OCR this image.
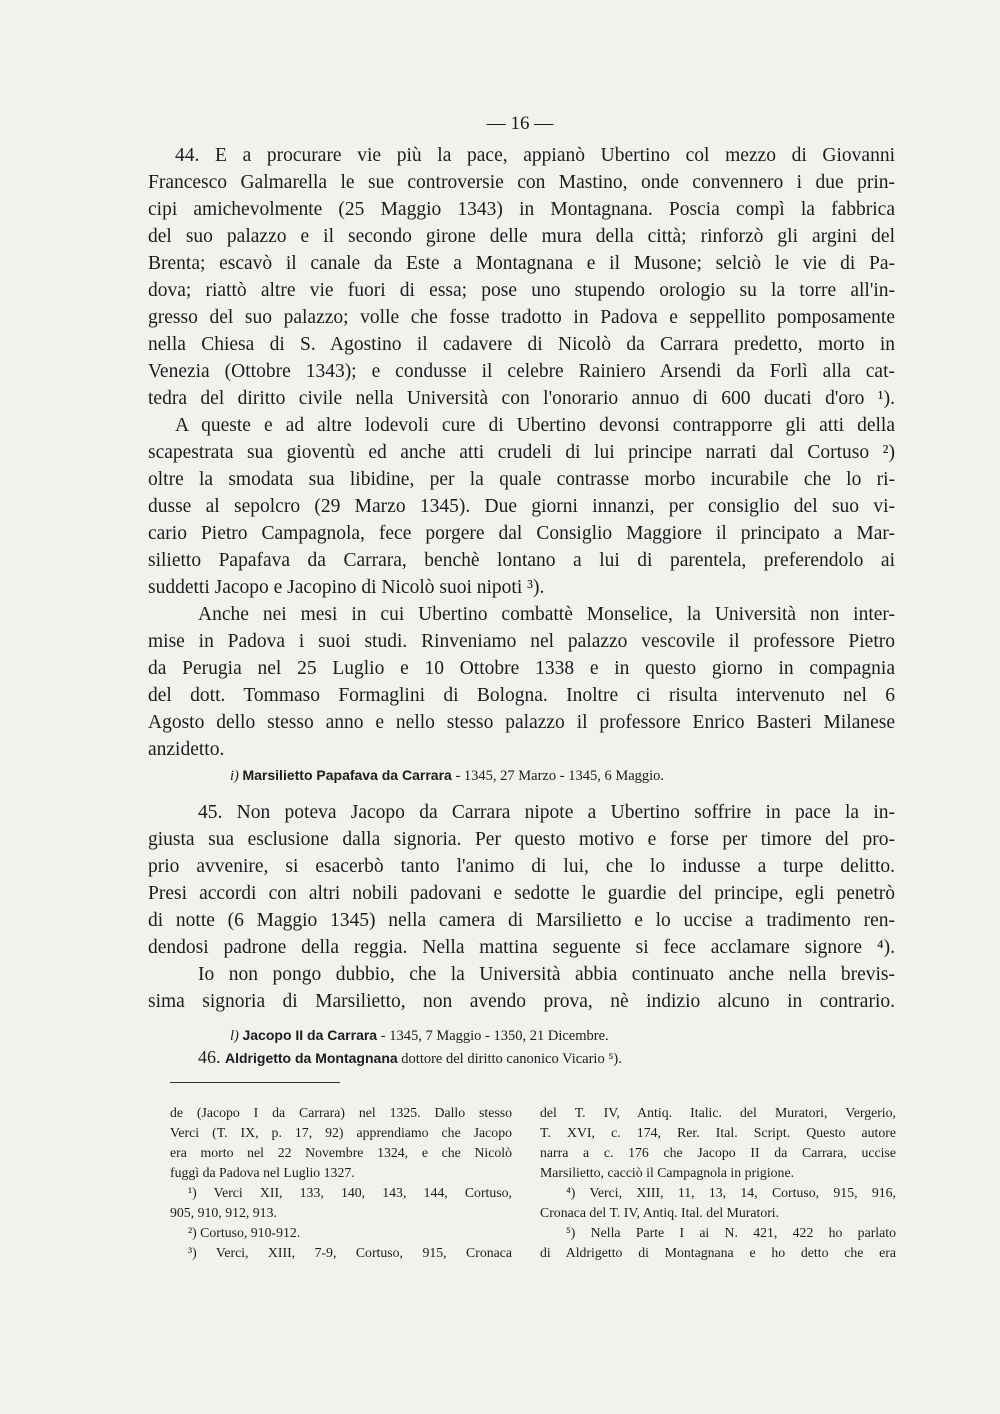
— 16 —
44. E a procurare vie più la pace, appianò Ubertino col mezzo di Giovanni
Francesco Galmarella le sue controversie con Mastino, onde convennero i due prin-
cipi amichevolmente (25 Maggio 1343) in Montagnana. Poscia compì la fabbrica
del suo palazzo e il secondo girone delle mura della città; rinforzò gli argini del
Brenta; escavò il canale da Este a Montagnana e il Musone; selciò le vie di Pa-
dova; riattò altre vie fuori di essa; pose uno stupendo orologio su la torre all'in-
gresso del suo palazzo; volle che fosse tradotto in Padova e seppellito pomposamente
nella Chiesa di S. Agostino il cadavere di Nicolò da Carrara predetto, morto in
Venezia (Ottobre 1343); e condusse il celebre Rainiero Arsendi da Forlì alla cat-
tedra del diritto civile nella Università con l'onorario annuo di 600 ducati d'oro ¹).
A queste e ad altre lodevoli cure di Ubertino devonsi contrapporre gli atti della
scapestrata sua gioventù ed anche atti crudeli di lui principe narrati dal Cortuso ²)
oltre la smodata sua libidine, per la quale contrasse morbo incurabile che lo ri-
dusse al sepolcro (29 Marzo 1345). Due giorni innanzi, per consiglio del suo vi-
cario Pietro Campagnola, fece porgere dal Consiglio Maggiore il principato a Mar-
silietto Papafava da Carrara, benchè lontano a lui di parentela, preferendolo ai
suddetti Jacopo e Jacopino di Nicolò suoi nipoti ³).
Anche nei mesi in cui Ubertino combattè Monselice, la Università non inter-
mise in Padova i suoi studi. Rinveniamo nel palazzo vescovile il professore Pietro
da Perugia nel 25 Luglio e 10 Ottobre 1338 e in questo giorno in compagnia
del dott. Tommaso Formaglini di Bologna. Inoltre ci risulta intervenuto nel 6
Agosto dello stesso anno e nello stesso palazzo il professore Enrico Basteri Milanese
anzidetto.
i) Marsilietto Papafava da Carrara - 1345, 27 Marzo - 1345, 6 Maggio.
45. Non poteva Jacopo da Carrara nipote a Ubertino soffrire in pace la in-
giusta sua esclusione dalla signoria. Per questo motivo e forse per timore del pro-
prio avvenire, si esacerbò tanto l'animo di lui, che lo indusse a turpe delitto.
Presi accordi con altri nobili padovani e sedotte le guardie del principe, egli penetrò
di notte (6 Maggio 1345) nella camera di Marsilietto e lo uccise a tradimento ren-
dendosi padrone della reggia. Nella mattina seguente si fece acclamare signore ⁴).
Io non pongo dubbio, che la Università abbia continuato anche nella brevis-
sima signoria di Marsilietto, non avendo prova, nè indizio alcuno in contrario.
l) Jacopo II da Carrara - 1345, 7 Maggio - 1350, 21 Dicembre.
46. Aldrigetto da Montagnana dottore del diritto canonico Vicario ⁵).
de (Jacopo I da Carrara) nel 1325. Dallo stesso
Verci (T. IX, p. 17, 92) apprendiamo che Jacopo
era morto nel 22 Novembre 1324, e che Nicolò
fuggì da Padova nel Luglio 1327.
¹) Verci XII, 133, 140, 143, 144, Cortuso,
905, 910, 912, 913.
²) Cortuso, 910-912.
³) Verci, XIII, 7-9, Cortuso, 915, Cronaca
del T. IV, Antiq. Italic. del Muratori, Vergerio,
T. XVI, c. 174, Rer. Ital. Script. Questo autore
narra a c. 176 che Jacopo II da Carrara, uccise
Marsilietto, cacciò il Campagnola in prigione.
⁴) Verci, XIII, 11, 13, 14, Cortuso, 915, 916,
Cronaca del T. IV, Antiq. Ital. del Muratori.
⁵) Nella Parte I ai N. 421, 422 ho parlato
di Aldrigetto di Montagnana e ho detto che era
